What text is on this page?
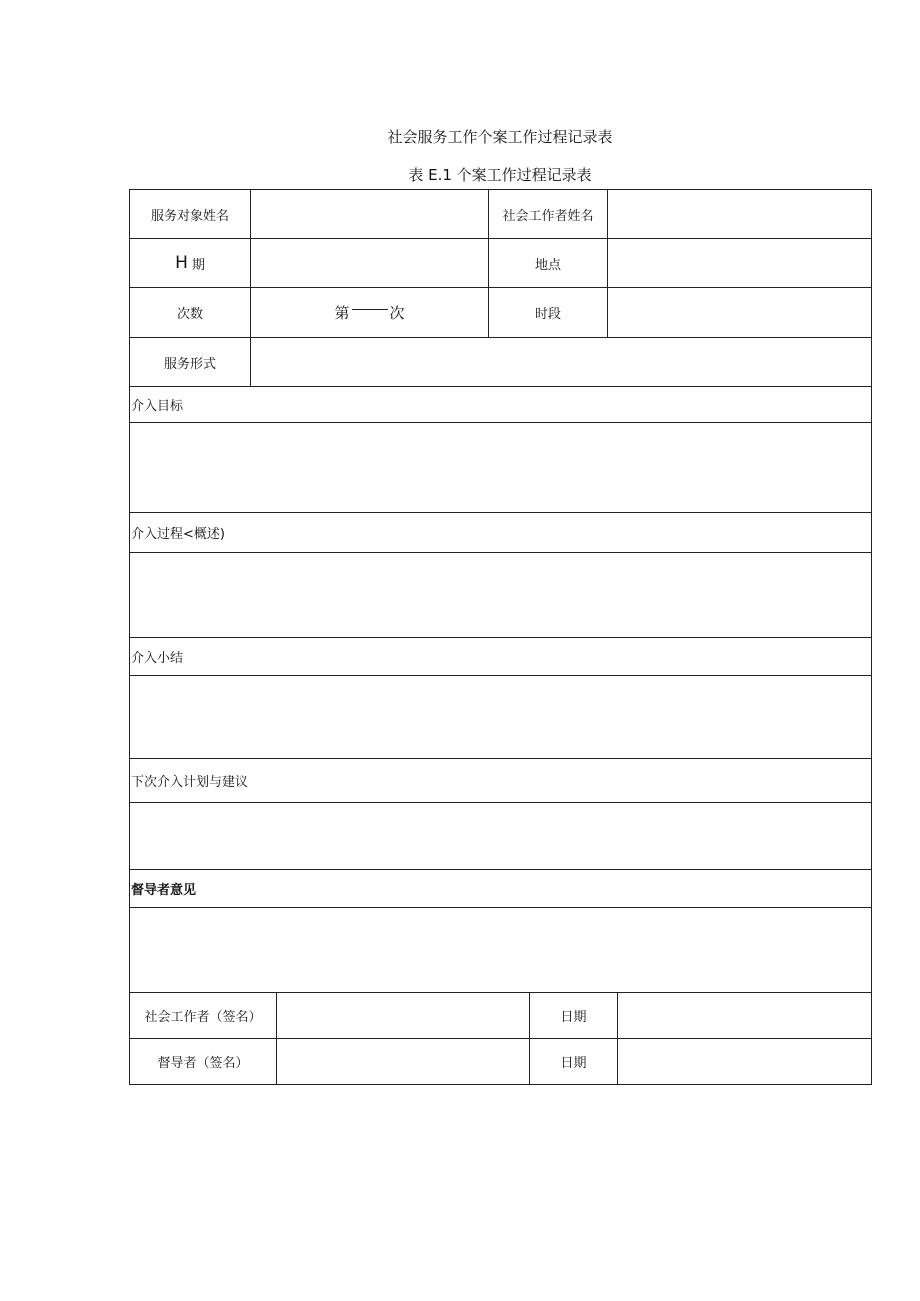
社会服务工作个案工作过程记录表
表 E.1 个案工作过程记录表
服务对象姓名	社会工作者姓名
H 期	地点
次数	第	次	时段
服务形式
介入目标
介入过程<概述)
介入小结
下次介入计划与建议
督导者意见
社会工作者（签名）	日期
督导者（签名）	日期
